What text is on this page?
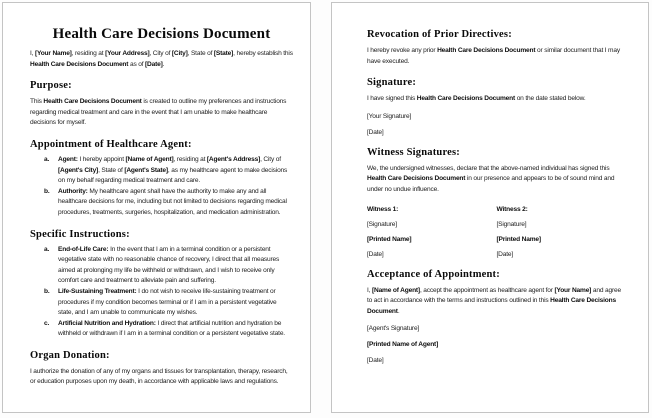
Health Care Decisions Document

I, [Your Name], residing at [Your Address], City of [City], State of [State], hereby establish this Health Care Decisions Document as of [Date].

Purpose:

This Health Care Decisions Document is created to outline my preferences and instructions regarding medical treatment and care in the event that I am unable to make healthcare decisions for myself.

Appointment of Healthcare Agent:
a.	Agent: I hereby appoint [Name of Agent], residing at [Agent's Address], City of [Agent's City], State of [Agent's State], as my healthcare agent to make decisions on my behalf regarding medical treatment and care.

b.	Authority: My healthcare agent shall have the authority to make any and all healthcare decisions for me, including but not limited to decisions regarding medical procedures, treatments, surgeries, hospitalization, and medication administration.

Specific Instructions:
a.	End-of-Life Care: In the event that I am in a terminal condition or a persistent vegetative state with no reasonable chance of recovery, I direct that all measures aimed at prolonging my life be withheld or withdrawn, and I wish to receive only comfort care and treatment to alleviate pain and suffering.

b.	Life-Sustaining Treatment: I do not wish to receive life-sustaining treatment or procedures if my condition becomes terminal or if I am in a persistent vegetative state, and I am unable to communicate my wishes.

c.	Artificial Nutrition and Hydration: I direct that artificial nutrition and hydration be withheld or withdrawn if I am in a terminal condition or a persistent vegetative state.

Organ Donation:

I authorize the donation of any of my organs and tissues for transplantation, therapy, research, or education purposes upon my death, in accordance with applicable laws and regulations.

Revocation of Prior Directives:

I hereby revoke any prior Health Care Decisions Document or similar document that I may have executed.

Signature:

I have signed this Health Care Decisions Document on the date stated below.

[Your Signature]

[Date]

Witness Signatures:

We, the undersigned witnesses, declare that the above-named individual has signed this Health Care Decisions Document in our presence and appears to be of sound mind and under no undue influence.

Witness 1:

[Signature]

[Printed Name]

[Date]

Witness 2:

[Signature]

[Printed Name]

[Date]

Acceptance of Appointment:

I, [Name of Agent], accept the appointment as healthcare agent for [Your Name] and agree to act in accordance with the terms and instructions outlined in this Health Care Decisions Document.

[Agent's Signature]

[Printed Name of Agent]

[Date]
